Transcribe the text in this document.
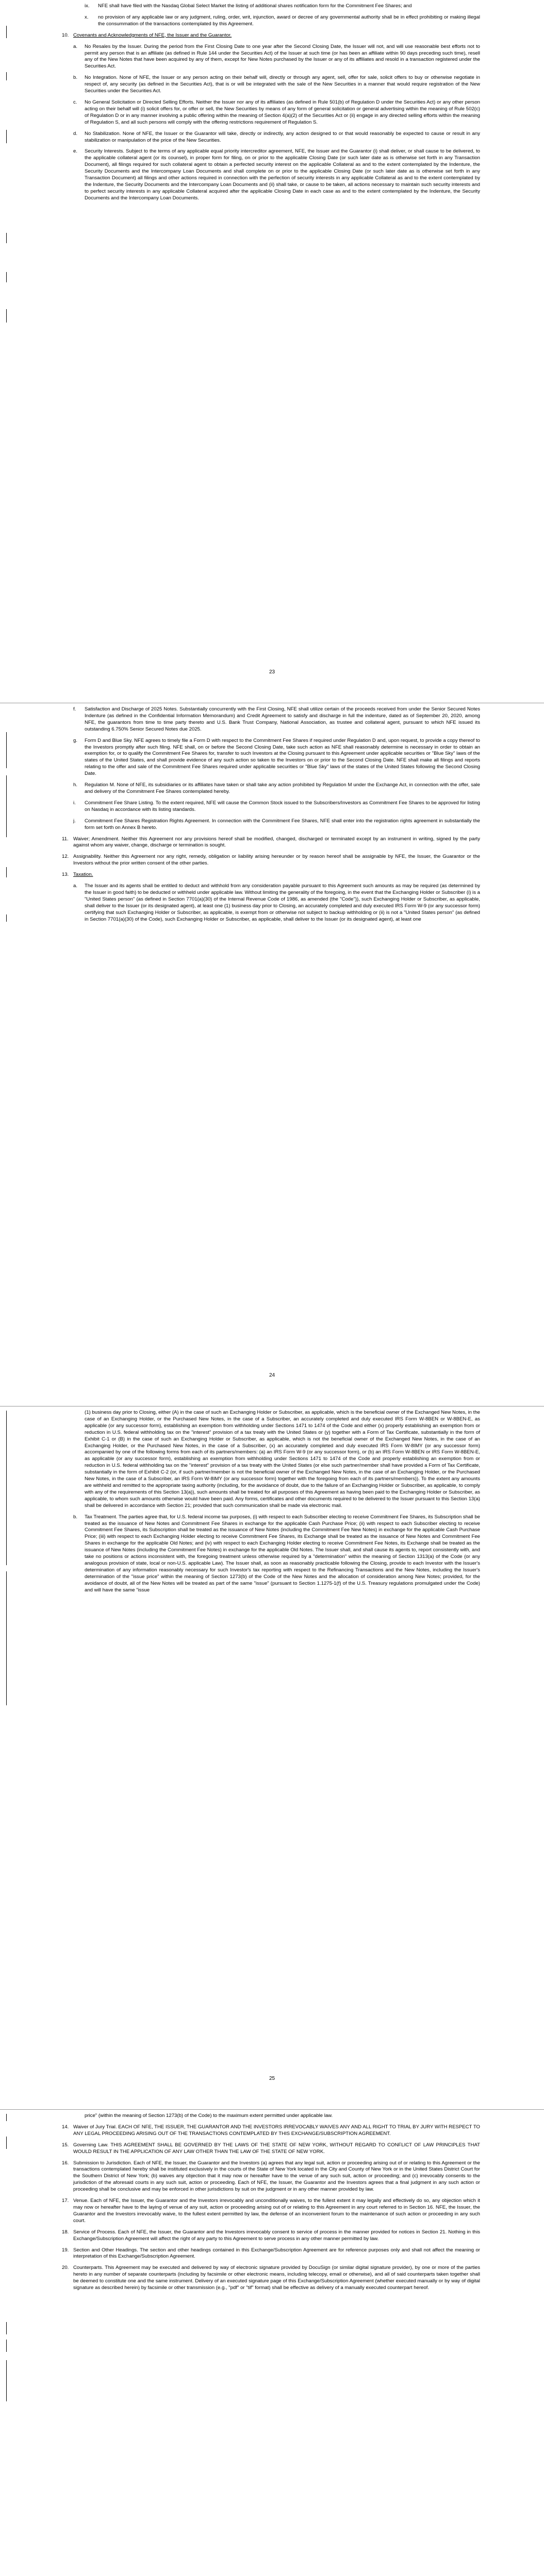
ix. NFE shall have filed with the Nasdaq Global Select Market the listing of additional shares notification form for the Commitment Fee Shares; and
x. no provision of any applicable law or any judgment, ruling, order, writ, injunction, award or decree of any governmental authority shall be in effect prohibiting or making illegal the consummation of the transactions contemplated by this Agreement.
10. Covenants and Acknowledgments of NFE, the Issuer and the Guarantor.
a. No Resales by the Issuer. During the period from the First Closing Date to one year after the Second Closing Date, the Issuer will not, and will use reasonable best efforts not to permit any person that is an affiliate (as defined in Rule 144 under the Securities Act) of the Issuer at such time (or has been an affiliate within 90 days preceding such time), resell any of the New Notes that have been acquired by any of them, except for New Notes purchased by the Issuer or any of its affiliates and resold in a transaction registered under the Securities Act.
b. No Integration. None of NFE, the Issuer or any person acting on their behalf will, directly or through any agent, sell, offer for sale, solicit offers to buy or otherwise negotiate in respect of, any security (as defined in the Securities Act), that is or will be integrated with the sale of the New Securities in a manner that would require registration of the New Securities under the Securities Act.
c. No General Solicitation or Directed Selling Efforts. Neither the Issuer nor any of its affiliates (as defined in Rule 501(b) of Regulation D under the Securities Act) or any other person acting on their behalf will (i) solicit offers for, or offer or sell, the New Securities by means of any form of general solicitation or general advertising within the meaning of Rule 502(c) of Regulation D or in any manner involving a public offering within the meaning of Section 4(a)(2) of the Securities Act or (ii) engage in any directed selling efforts within the meaning of Regulation S, and all such persons will comply with the offering restrictions requirement of Regulation S.
d. No Stabilization. None of NFE, the Issuer or the Guarantor will take, directly or indirectly, any action designed to or that would reasonably be expected to cause or result in any stabilization or manipulation of the price of the New Securities.
e. Security Interests. Subject to the terms of any applicable equal priority intercreditor agreement, NFE, the Issuer and the Guarantor (i) shall deliver, or shall cause to be delivered, to the applicable collateral agent (or its counsel), in proper form for filing, on or prior to the applicable Closing Date (or such later date as is otherwise set forth in any Transaction Document), all filings required for such collateral agent to obtain a perfected security interest on the applicable Collateral as and to the extent contemplated by the Indenture, the Security Documents and the Intercompany Loan Documents and shall complete on or prior to the applicable Closing Date (or such later date as is otherwise set forth in any Transaction Document) all filings and other actions required in connection with the perfection of security interests in any applicable Collateral as and to the extent contemplated by the Indenture, the Security Documents and the Intercompany Loan Documents and (ii) shall take, or cause to be taken, all actions necessary to maintain such security interests and to perfect security interests in any applicable Collateral acquired after the applicable Closing Date in each case as and to the extent contemplated by the Indenture, the Security Documents and the Intercompany Loan Documents.
23
f. Satisfaction and Discharge of 2025 Notes. Substantially concurrently with the First Closing, NFE shall utilize certain of the proceeds received from under the Senior Secured Notes Indenture (as defined in the Confidential Information Memorandum) and Credit Agreement to satisfy and discharge in full the indenture, dated as of September 20, 2020, among NFE, the guarantors from time to time party thereto and U.S. Bank Trust Company, National Association, as trustee and collateral agent, pursuant to which NFE issued its outstanding 6.750% Senior Secured Notes due 2025.
g. Form D and Blue Sky. NFE agrees to timely file a Form D with respect to the Commitment Fee Shares if required under Regulation D and, upon request, to provide a copy thereof to the Investors promptly after such filing. NFE shall, on or before the Second Closing Date, take such action as NFE shall reasonably determine is necessary in order to obtain an exemption for, or to qualify the Commitment Fee Shares for, transfer to such Investors at the Closing pursuant to this Agreement under applicable securities or "Blue Sky" laws of the states of the United States, and shall provide evidence of any such action so taken to the Investors on or prior to the Second Closing Date. NFE shall make all filings and reports relating to the offer and sale of the Commitment Fee Shares required under applicable securities or "Blue Sky" laws of the states of the United States following the Second Closing Date.
h. Regulation M. None of NFE, its subsidiaries or its affiliates have taken or shall take any action prohibited by Regulation M under the Exchange Act, in connection with the offer, sale and delivery of the Commitment Fee Shares contemplated hereby.
i. Commitment Fee Share Listing. To the extent required, NFE will cause the Common Stock issued to the Subscribers/Investors as Commitment Fee Shares to be approved for listing on Nasdaq in accordance with its listing standards.
j. Commitment Fee Shares Registration Rights Agreement. In connection with the Commitment Fee Shares, NFE shall enter into the registration rights agreement in substantially the form set forth on Annex B hereto.
11. Waiver; Amendment. Neither this Agreement nor any provisions hereof shall be modified, changed, discharged or terminated except by an instrument in writing, signed by the party against whom any waiver, change, discharge or termination is sought.
12. Assignability. Neither this Agreement nor any right, remedy, obligation or liability arising hereunder or by reason hereof shall be assignable by NFE, the Issuer, the Guarantor or the Investors without the prior written consent of the other parties.
13. Taxation.
a. The Issuer and its agents shall be entitled to deduct and withhold from any consideration payable pursuant to this Agreement such amounts as may be required (as determined by the Issuer in good faith) to be deducted or withheld under applicable law. Without limiting the generality of the foregoing, in the event that the Exchanging Holder or Subscriber (i) is a "United States person" (as defined in Section 7701(a)(30) of the Internal Revenue Code of 1986, as amended (the "Code")), such Exchanging Holder or Subscriber, as applicable, shall deliver to the Issuer (or its designated agent), at least one (1) business day prior to Closing, an accurately completed and duly executed IRS Form W-9 (or any successor form) certifying that such Exchanging Holder or Subscriber, as applicable, is exempt from or otherwise not subject to backup withholding or (ii) is not a "United States person" (as defined in Section 7701(a)(30) of the Code), such Exchanging Holder or Subscriber, as applicable, shall deliver to the Issuer (or its designated agent), at least one
24
(1) business day prior to Closing, either (A) in the case of such an Exchanging Holder or Subscriber, as applicable, which is the beneficial owner of the Exchanged New Notes, in the case of an Exchanging Holder, or the Purchased New Notes, in the case of a Subscriber, an accurately completed and duly executed IRS Form W-8BEN or W-8BEN-E, as applicable (or any successor form), establishing an exemption from withholding under Sections 1471 to 1474 of the Code and either (x) properly establishing an exemption from or reduction in U.S. federal withholding tax on the "interest" provision of a tax treaty with the United States or (y) together with a Form of Tax Certificate, substantially in the form of Exhibit C-1 or (B) in the case of such an Exchanging Holder or Subscriber, as applicable, which is not the beneficial owner of the Exchanged New Notes, in the case of an Exchanging Holder, or the Purchased New Notes, in the case of a Subscriber, (x) an accurately completed and duly executed IRS Form W-8IMY (or any successor form) accompanied by one of the following forms from each of its partners/members: (a) an IRS Form W-9 (or any successor form), or (b) an IRS Form W-8BEN or IRS Form W-8BEN-E, as applicable (or any successor form), establishing an exemption from withholding under Sections 1471 to 1474 of the Code and properly establishing an exemption from or reduction in U.S. federal withholding tax on the "interest" provision of a tax treaty with the United States (or else such partner/member shall have provided a Form of Tax Certificate, substantially in the form of Exhibit C-2 (or, if such partner/member is not the beneficial owner of the Exchanged New Notes, in the case of an Exchanging Holder, or the Purchased New Notes, in the case of a Subscriber, an IRS Form W-8IMY (or any successor form) together with the foregoing from each of its partners/members)). To the extent any amounts are withheld and remitted to the appropriate taxing authority (including, for the avoidance of doubt, due to the failure of an Exchanging Holder or Subscriber, as applicable, to comply with any of the requirements of this Section 13(a)), such amounts shall be treated for all purposes of this Agreement as having been paid to the Exchanging Holder or Subscriber, as applicable, to whom such amounts otherwise would have been paid. Any forms, certificates and other documents required to be delivered to the Issuer pursuant to this Section 13(a) shall be delivered in accordance with Section 21; provided that such communication shall be made via electronic mail.
b. Tax Treatment. The parties agree that, for U.S. federal income tax purposes, (i) with respect to each Subscriber electing to receive Commitment Fee Shares, its Subscription shall be treated as the issuance of New Notes and Commitment Fee Shares in exchange for the applicable Cash Purchase Price; (ii) with respect to each Subscriber electing to receive Commitment Fee Shares, its Subscription shall be treated as the issuance of New Notes (including the Commitment Fee New Notes) in exchange for the applicable Cash Purchase Price; (iii) with respect to each Exchanging Holder electing to receive Commitment Fee Shares, its Exchange shall be treated as the issuance of New Notes and Commitment Fee Shares in exchange for the applicable Old Notes; and (iv) with respect to each Exchanging Holder electing to receive Commitment Fee Notes, its Exchange shall be treated as the issuance of New Notes (including the Commitment Fee Notes) in exchange for the applicable Old Notes. The Issuer shall, and shall cause its agents to, report consistently with, and take no positions or actions inconsistent with, the foregoing treatment unless otherwise required by a "determination" within the meaning of Section 1313(a) of the Code (or any analogous provision of state, local or non-U.S. applicable Law). The Issuer shall, as soon as reasonably practicable following the Closing, provide to each Investor with the Issuer's determination of any information reasonably necessary for such Investor's tax reporting with respect to the Refinancing Transactions and the New Notes, including the Issuer's determination of the "issue price" within the meaning of Section 1273(b) of the Code of the New Notes and the allocation of consideration among New Notes; provided, for the avoidance of doubt, all of the New Notes will be treated as part of the same "issue" (pursuant to Section 1.1275-1(f) of the U.S. Treasury regulations promulgated under the Code) and will have the same "issue
25
price" (within the meaning of Section 1273(b) of the Code) to the maximum extent permitted under applicable law.
14. Waiver of Jury Trial. EACH OF NFE, THE ISSUER, THE GUARANTOR AND THE INVESTORS IRREVOCABLY WAIVES ANY AND ALL RIGHT TO TRIAL BY JURY WITH RESPECT TO ANY LEGAL PROCEEDING ARISING OUT OF THE TRANSACTIONS CONTEMPLATED BY THIS EXCHANGE/SUBSCRIPTION AGREEMENT.
15. Governing Law. THIS AGREEMENT SHALL BE GOVERNED BY THE LAWS OF THE STATE OF NEW YORK, WITHOUT REGARD TO CONFLICT OF LAW PRINCIPLES THAT WOULD RESULT IN THE APPLICATION OF ANY LAW OTHER THAN THE LAW OF THE STATE OF NEW YORK.
16. Submission to Jurisdiction. Each of NFE, the Issuer, the Guarantor and the Investors (a) agrees that any legal suit, action or proceeding arising out of or relating to this Agreement or the transactions contemplated hereby shall be instituted exclusively in the courts of the State of New York located in the City and County of New York or in the United States District Court for the Southern District of New York; (b) waives any objection that it may now or hereafter have to the venue of any such suit, action or proceeding; and (c) irrevocably consents to the jurisdiction of the aforesaid courts in any such suit, action or proceeding. Each of NFE, the Issuer, the Guarantor and the Investors agrees that a final judgment in any such action or proceeding shall be conclusive and may be enforced in other jurisdictions by suit on the judgment or in any other manner provided by law.
17. Venue. Each of NFE, the Issuer, the Guarantor and the Investors irrevocably and unconditionally waives, to the fullest extent it may legally and effectively do so, any objection which it may now or hereafter have to the laying of venue of any suit, action or proceeding arising out of or relating to this Agreement in any court referred to in Section 16. NFE, the Issuer, the Guarantor and the Investors irrevocably waive, to the fullest extent permitted by law, the defense of an inconvenient forum to the maintenance of such action or proceeding in any such court.
18. Service of Process. Each of NFE, the Issuer, the Guarantor and the Investors irrevocably consent to service of process in the manner provided for notices in Section 21. Nothing in this Exchange/Subscription Agreement will affect the right of any party to this Agreement to serve process in any other manner permitted by law.
19. Section and Other Headings. The section and other headings contained in this Exchange/Subscription Agreement are for reference purposes only and shall not affect the meaning or interpretation of this Exchange/Subscription Agreement.
20. Counterparts. This Agreement may be executed and delivered by way of electronic signature provided by DocuSign (or similar digital signature provider), by one or more of the parties hereto in any number of separate counterparts (including by facsimile or other electronic means, including telecopy, email or otherwise), and all of said counterparts taken together shall be deemed to constitute one and the same instrument. Delivery of an executed signature page of this Exchange/Subscription Agreement (whether executed manually or by way of digital signature as described herein) by facsimile or other transmission (e.g., "pdf" or "tif" format) shall be effective as delivery of a manually executed counterpart hereof.
